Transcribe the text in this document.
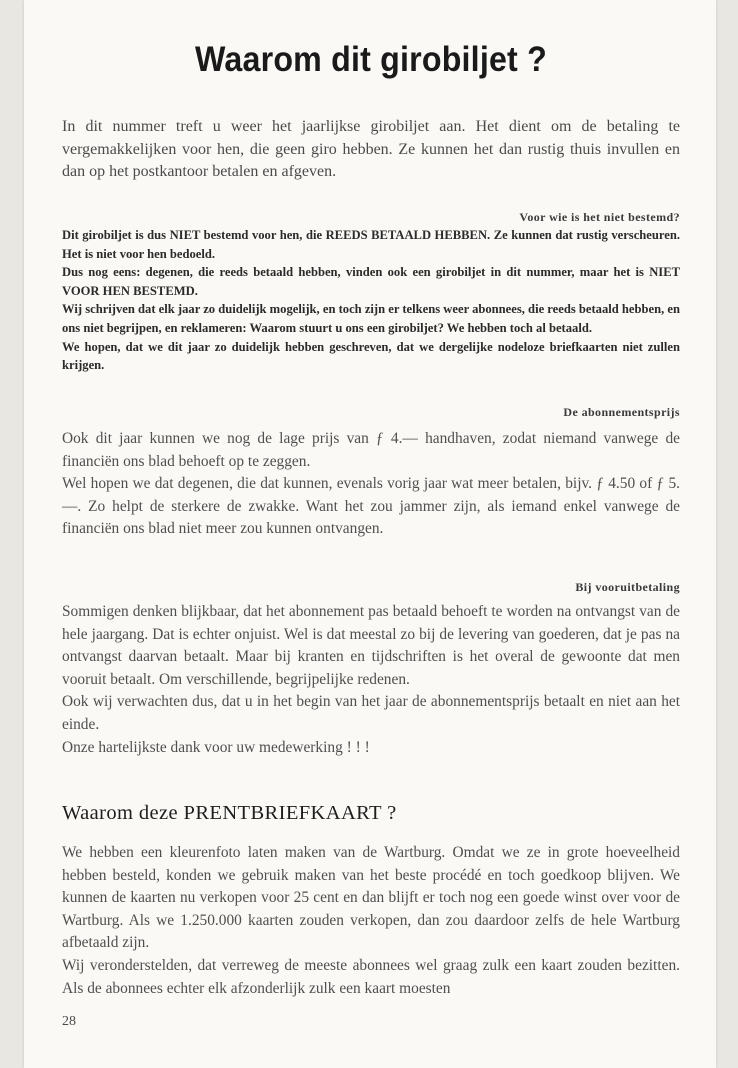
Waarom dit girobiljet ?

In dit nummer treft u weer het jaarlijkse girobiljet aan. Het dient om de betaling te vergemakkelijken voor hen, die geen giro hebben. Ze kunnen het dan rustig thuis invullen en dan op het postkantoor betalen en afgeven.

Voor wie is het niet bestemd?

Dit girobiljet is dus NIET bestemd voor hen, die REEDS BETAALD HEBBEN. Ze kunnen dat rustig verscheuren. Het is niet voor hen bedoeld.

Dus nog eens: degenen, die reeds betaald hebben, vinden ook een girobiljet in dit nummer, maar het is NIET VOOR HEN BESTEMD.

Wij schrijven dat elk jaar zo duidelijk mogelijk, en toch zijn er telkens weer abonnees, die reeds betaald hebben, en ons niet begrijpen, en reklameren: Waarom stuurt u ons een girobiljet? We hebben toch al betaald.

We hopen, dat we dit jaar zo duidelijk hebben geschreven, dat we dergelijke nodeloze briefkaarten niet zullen krijgen.

De abonnementsprijs

Ook dit jaar kunnen we nog de lage prijs van ƒ 4.— handhaven, zodat niemand vanwege de financiën ons blad behoeft op te zeggen.

Wel hopen we dat degenen, die dat kunnen, evenals vorig jaar wat meer betalen, bijv. ƒ 4.50 of ƒ 5.—. Zo helpt de sterkere de zwakke. Want het zou jammer zijn, als iemand enkel vanwege de financiën ons blad niet meer zou kunnen ontvangen.

Bij vooruitbetaling

Sommigen denken blijkbaar, dat het abonnement pas betaald behoeft te worden na ontvangst van de hele jaargang. Dat is echter onjuist. Wel is dat meestal zo bij de levering van goederen, dat je pas na ontvangst daarvan betaalt. Maar bij kranten en tijdschriften is het overal de gewoonte dat men vooruit betaalt. Om verschillende, begrijpelijke redenen.

Ook wij verwachten dus, dat u in het begin van het jaar de abonnementsprijs betaalt en niet aan het einde.

Onze hartelijkste dank voor uw medewerking ! ! !

Waarom deze PRENTBRIEFKAART ?

We hebben een kleurenfoto laten maken van de Wartburg. Omdat we ze in grote hoeveelheid hebben besteld, konden we gebruik maken van het beste procédé en toch goedkoop blijven. We kunnen de kaarten nu verkopen voor 25 cent en dan blijft er toch nog een goede winst over voor de Wartburg. Als we 1.250.000 kaarten zouden verkopen, dan zou daardoor zelfs de hele Wartburg afbetaald zijn.

Wij veronderstelden, dat verreweg de meeste abonnees wel graag zulk een kaart zouden bezitten. Als de abonnees echter elk afzonderlijk zulk een kaart moesten

28
